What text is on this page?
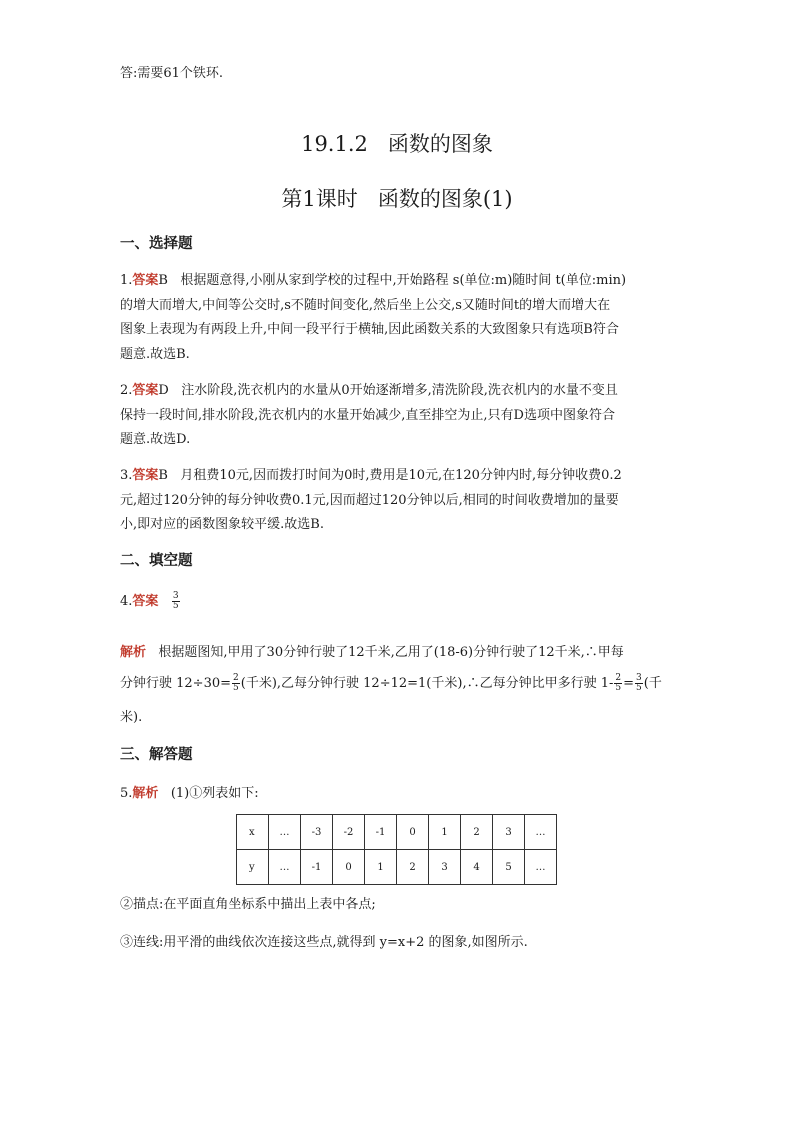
答:需要61个铁环.
19.1.2 函数的图象
第1课时 函数的图象(1)
一、选择题
1.答案B 根据题意得,小刚从家到学校的过程中,开始路程 s(单位:m)随时间 t(单位:min)
的增大而增大,中间等公交时,s不随时间变化,然后坐上公交,s又随时间t的增大而增大在
图象上表现为有两段上升,中间一段平行于横轴,因此函数关系的大致图象只有选项B符合
题意.故选B.
2.答案D 注水阶段,洗衣机内的水量从0开始逐渐增多,清洗阶段,洗衣机内的水量不变且
保持一段时间,排水阶段,洗衣机内的水量开始减少,直至排空为止,只有D选项中图象符合
题意.故选D.
3.答案B 月租费10元,因而拨打时间为0时,费用是10元,在120分钟内时,每分钟收费0.2
元,超过120分钟的每分钟收费0.1元,因而超过120分钟以后,相同的时间收费增加的量要
小,即对应的函数图象较平缓.故选B.
二、填空题
4.答案 $\frac{3}{5}$
解析 根据题图知,甲用了30分钟行驶了12千米,乙用了(18-6)分钟行驶了12千米,∴甲每
分钟行驶 $12\div 30= \frac{2}{5}$ (千米),乙每分钟行驶 12÷12=1(千米),∴乙每分钟比甲多行驶 $1- \frac{2}{5} = \frac{3}{5}$ (千
米).
三、解答题
5.解析 (1)①列表如下:
x	…	-3	-2	-1	0	1	2	3	…
y	…	-1	0	1	2	3	4	5	…
②描点:在平面直角坐标系中描出上表中各点;
③连线:用平滑的曲线依次连接这些点,就得到 y=x+2 的图象,如图所示.
